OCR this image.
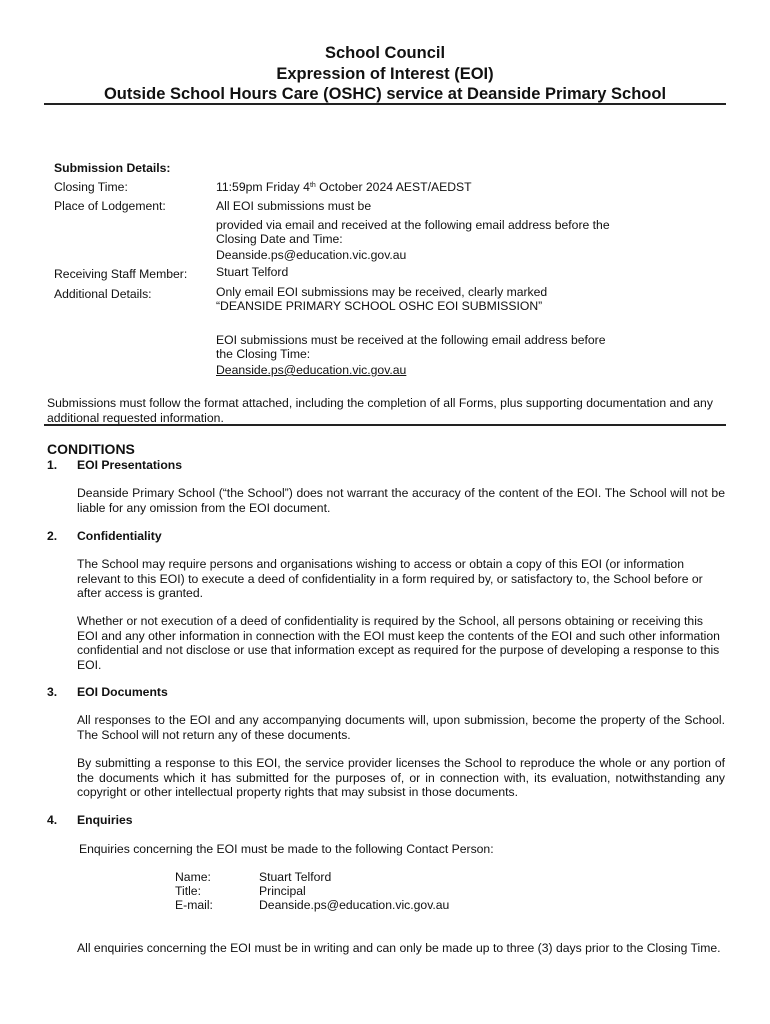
School Council
Expression of Interest (EOI)
Outside School Hours Care (OSHC) service at Deanside Primary School
Submission Details:
Closing Time:	11:59pm Friday 4th October 2024 AEST/AEDST
Place of Lodgement:	All EOI submissions must be
provided via email and received at the following email address before the
Closing Date and Time:
Deanside.ps@education.vic.gov.au
Receiving Staff Member: Stuart Telford
Additional Details:	Only email EOI submissions may be received, clearly marked
“DEANSIDE PRIMARY SCHOOL OSHC EOI SUBMISSION”
EOI submissions must be received at the following email address before
the Closing Time:
Deanside.ps@education.vic.gov.au
Submissions must follow the format attached, including the completion of all Forms, plus supporting documentation and any additional requested information.
CONDITIONS
1. EOI Presentations
Deanside Primary School (“the School”) does not warrant the accuracy of the content of the EOI. The School will not be liable for any omission from the EOI document.
2. Confidentiality
The School may require persons and organisations wishing to access or obtain a copy of this EOI (or information relevant to this EOI) to execute a deed of confidentiality in a form required by, or satisfactory to, the School before or after access is granted.
Whether or not execution of a deed of confidentiality is required by the School, all persons obtaining or receiving this EOI and any other information in connection with the EOI must keep the contents of the EOI and such other information confidential and not disclose or use that information except as required for the purpose of developing a response to this EOI.
3. EOI Documents
All responses to the EOI and any accompanying documents will, upon submission, become the property of the School. The School will not return any of these documents.
By submitting a response to this EOI, the service provider licenses the School to reproduce the whole or any portion of the documents which it has submitted for the purposes of, or in connection with, its evaluation, notwithstanding any copyright or other intellectual property rights that may subsist in those documents.
4. Enquiries
Enquiries concerning the EOI must be made to the following Contact Person:
Name:	Stuart Telford
Title:	Principal
E-mail:	Deanside.ps@education.vic.gov.au
All enquiries concerning the EOI must be in writing and can only be made up to three (3) days prior to the Closing Time.
